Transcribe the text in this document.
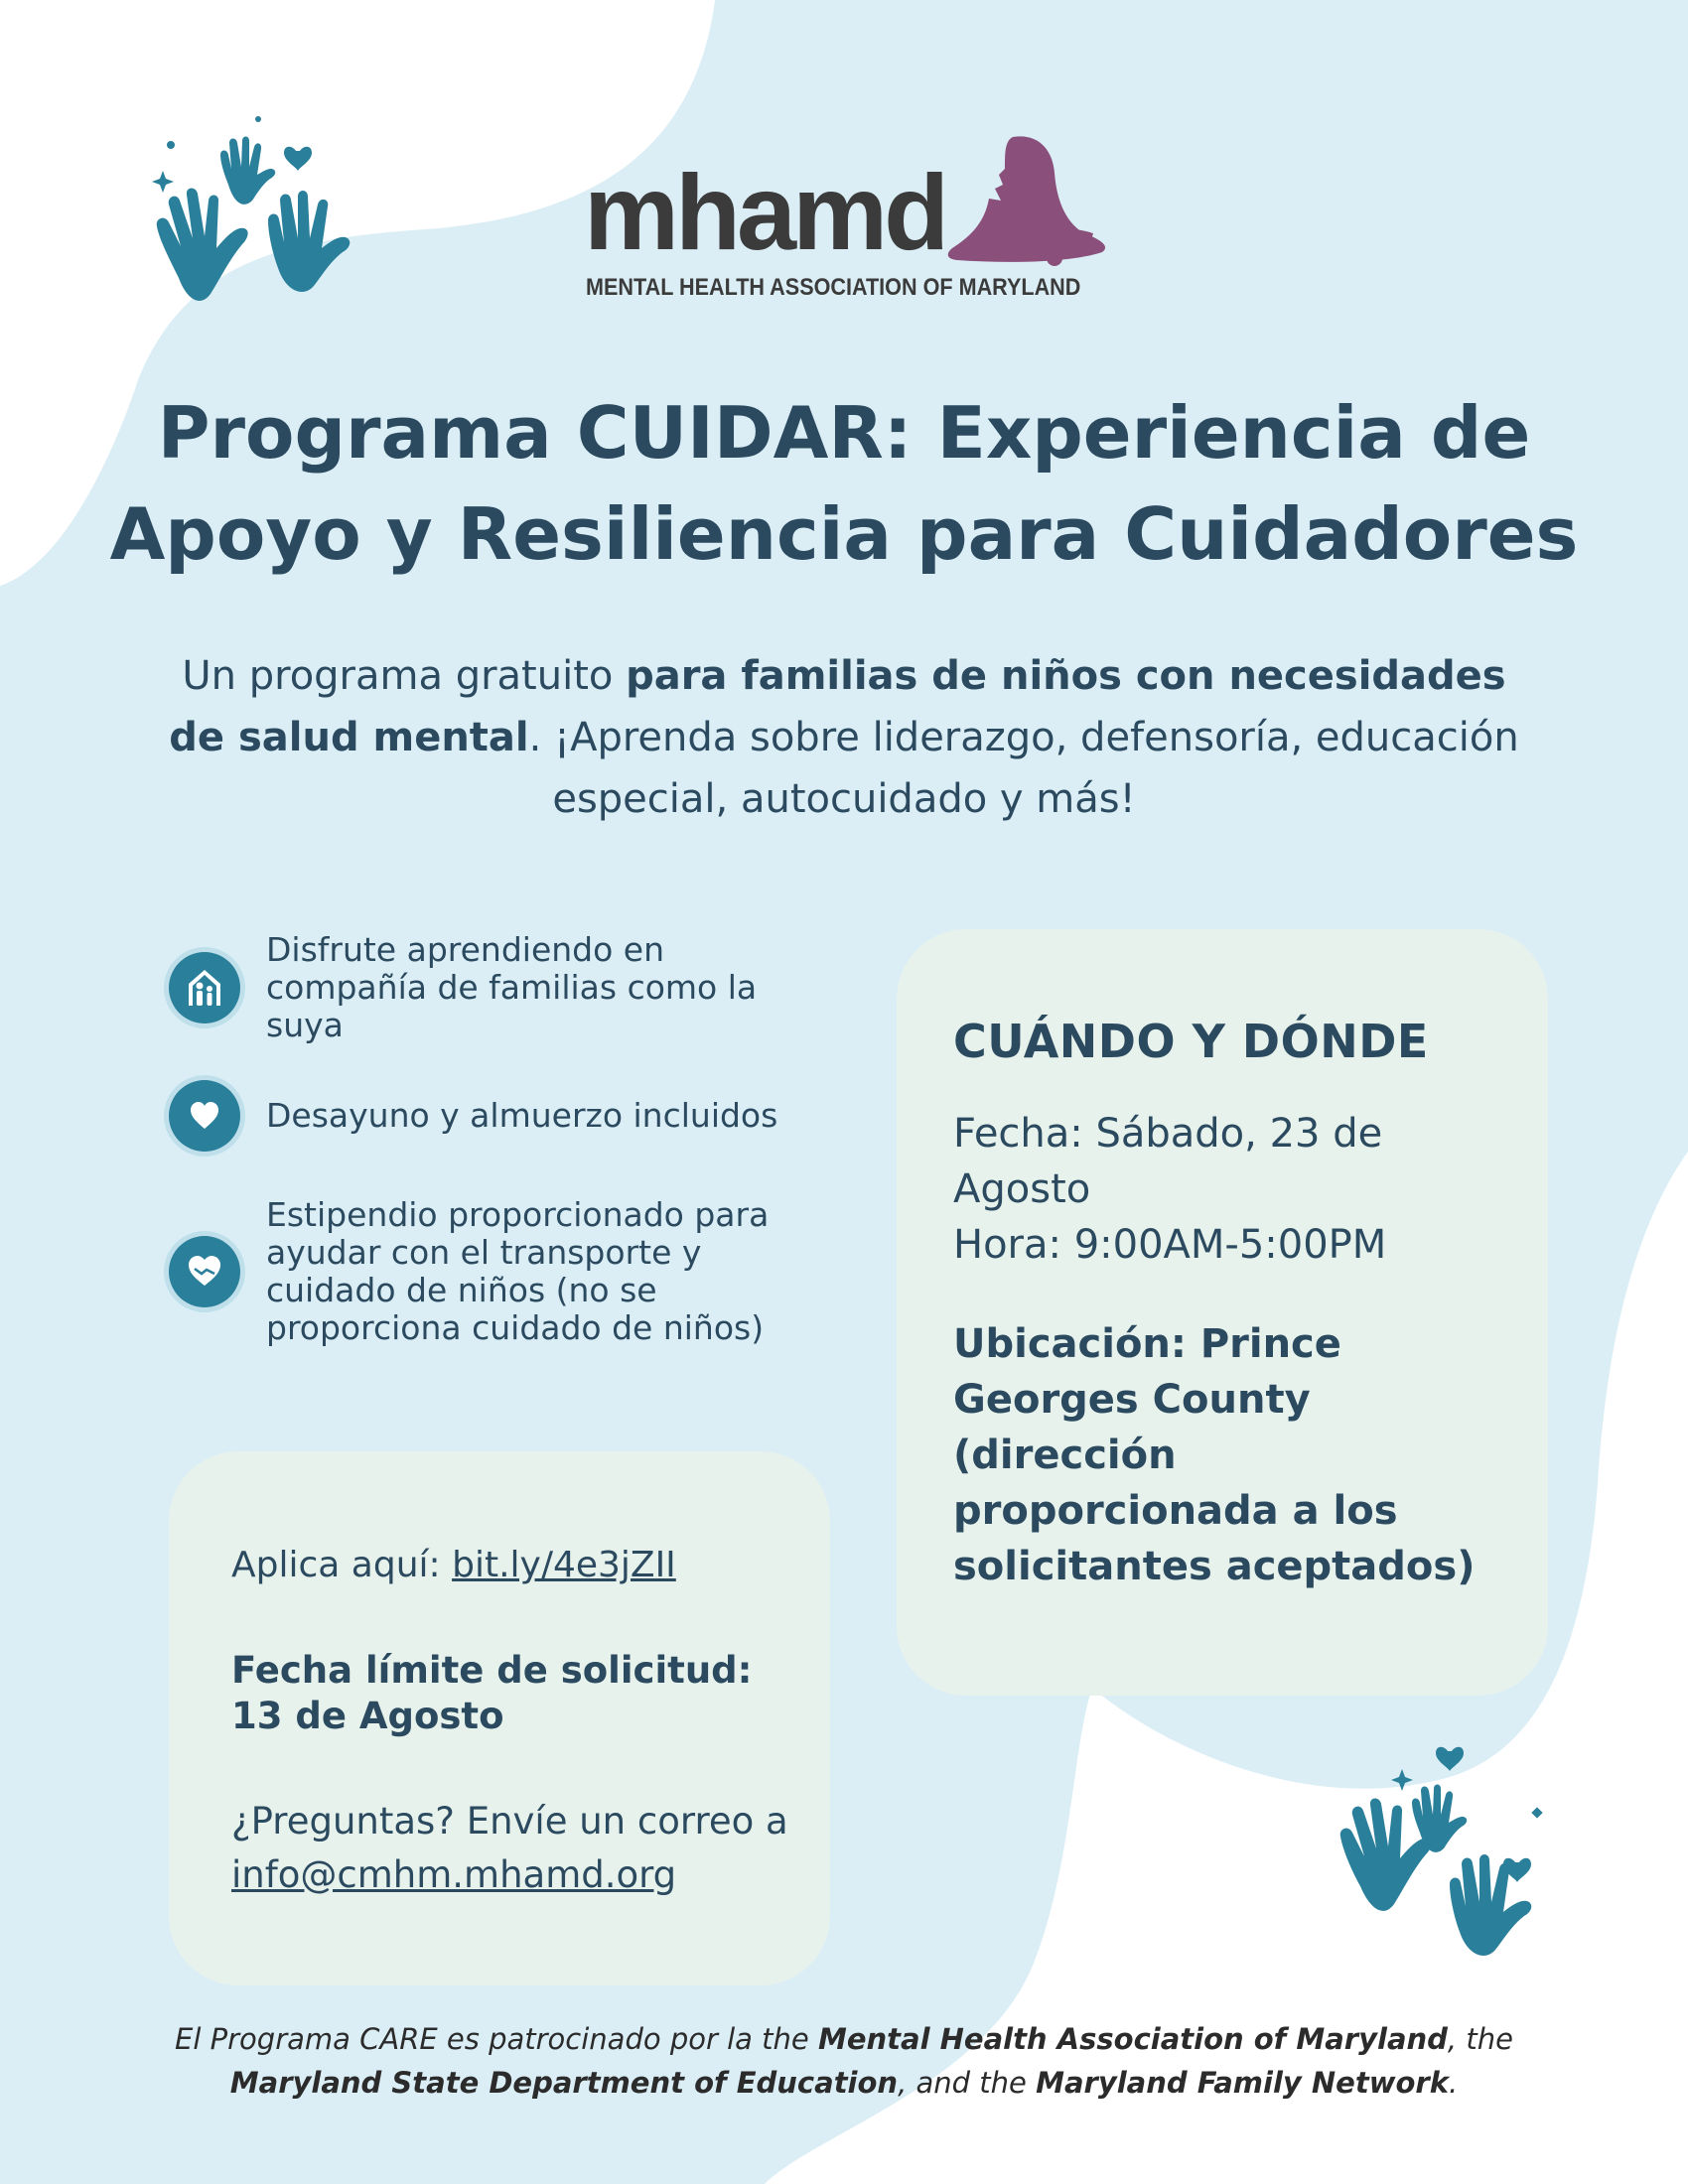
mhamd
MENTAL HEALTH ASSOCIATION OF MARYLAND
Programa CUIDAR: Experiencia de
Apoyo y Resiliencia para Cuidadores
Un programa gratuito para familias de niños con necesidades de salud mental. ¡Aprenda sobre liderazgo, defensoría, educación especial, autocuidado y más!
Disfrute aprendiendo en compañía de familias como la suya
Desayuno y almuerzo incluidos
Estipendio proporcionado para ayudar con el transporte y cuidado de niños (no se proporciona cuidado de niños)
CUÁNDO Y DÓNDE
Fecha: Sábado, 23 de Agosto
Hora: 9:00AM-5:00PM
Ubicación: Prince Georges County (dirección proporcionada a los solicitantes aceptados)
Aplica aquí: bit.ly/4e3jZII
Fecha límite de solicitud: 13 de Agosto
¿Preguntas? Envíe un correo a info@cmhm.mhamd.org
El Programa CARE es patrocinado por la the Mental Health Association of Maryland, the
Maryland State Department of Education, and the Maryland Family Network.
